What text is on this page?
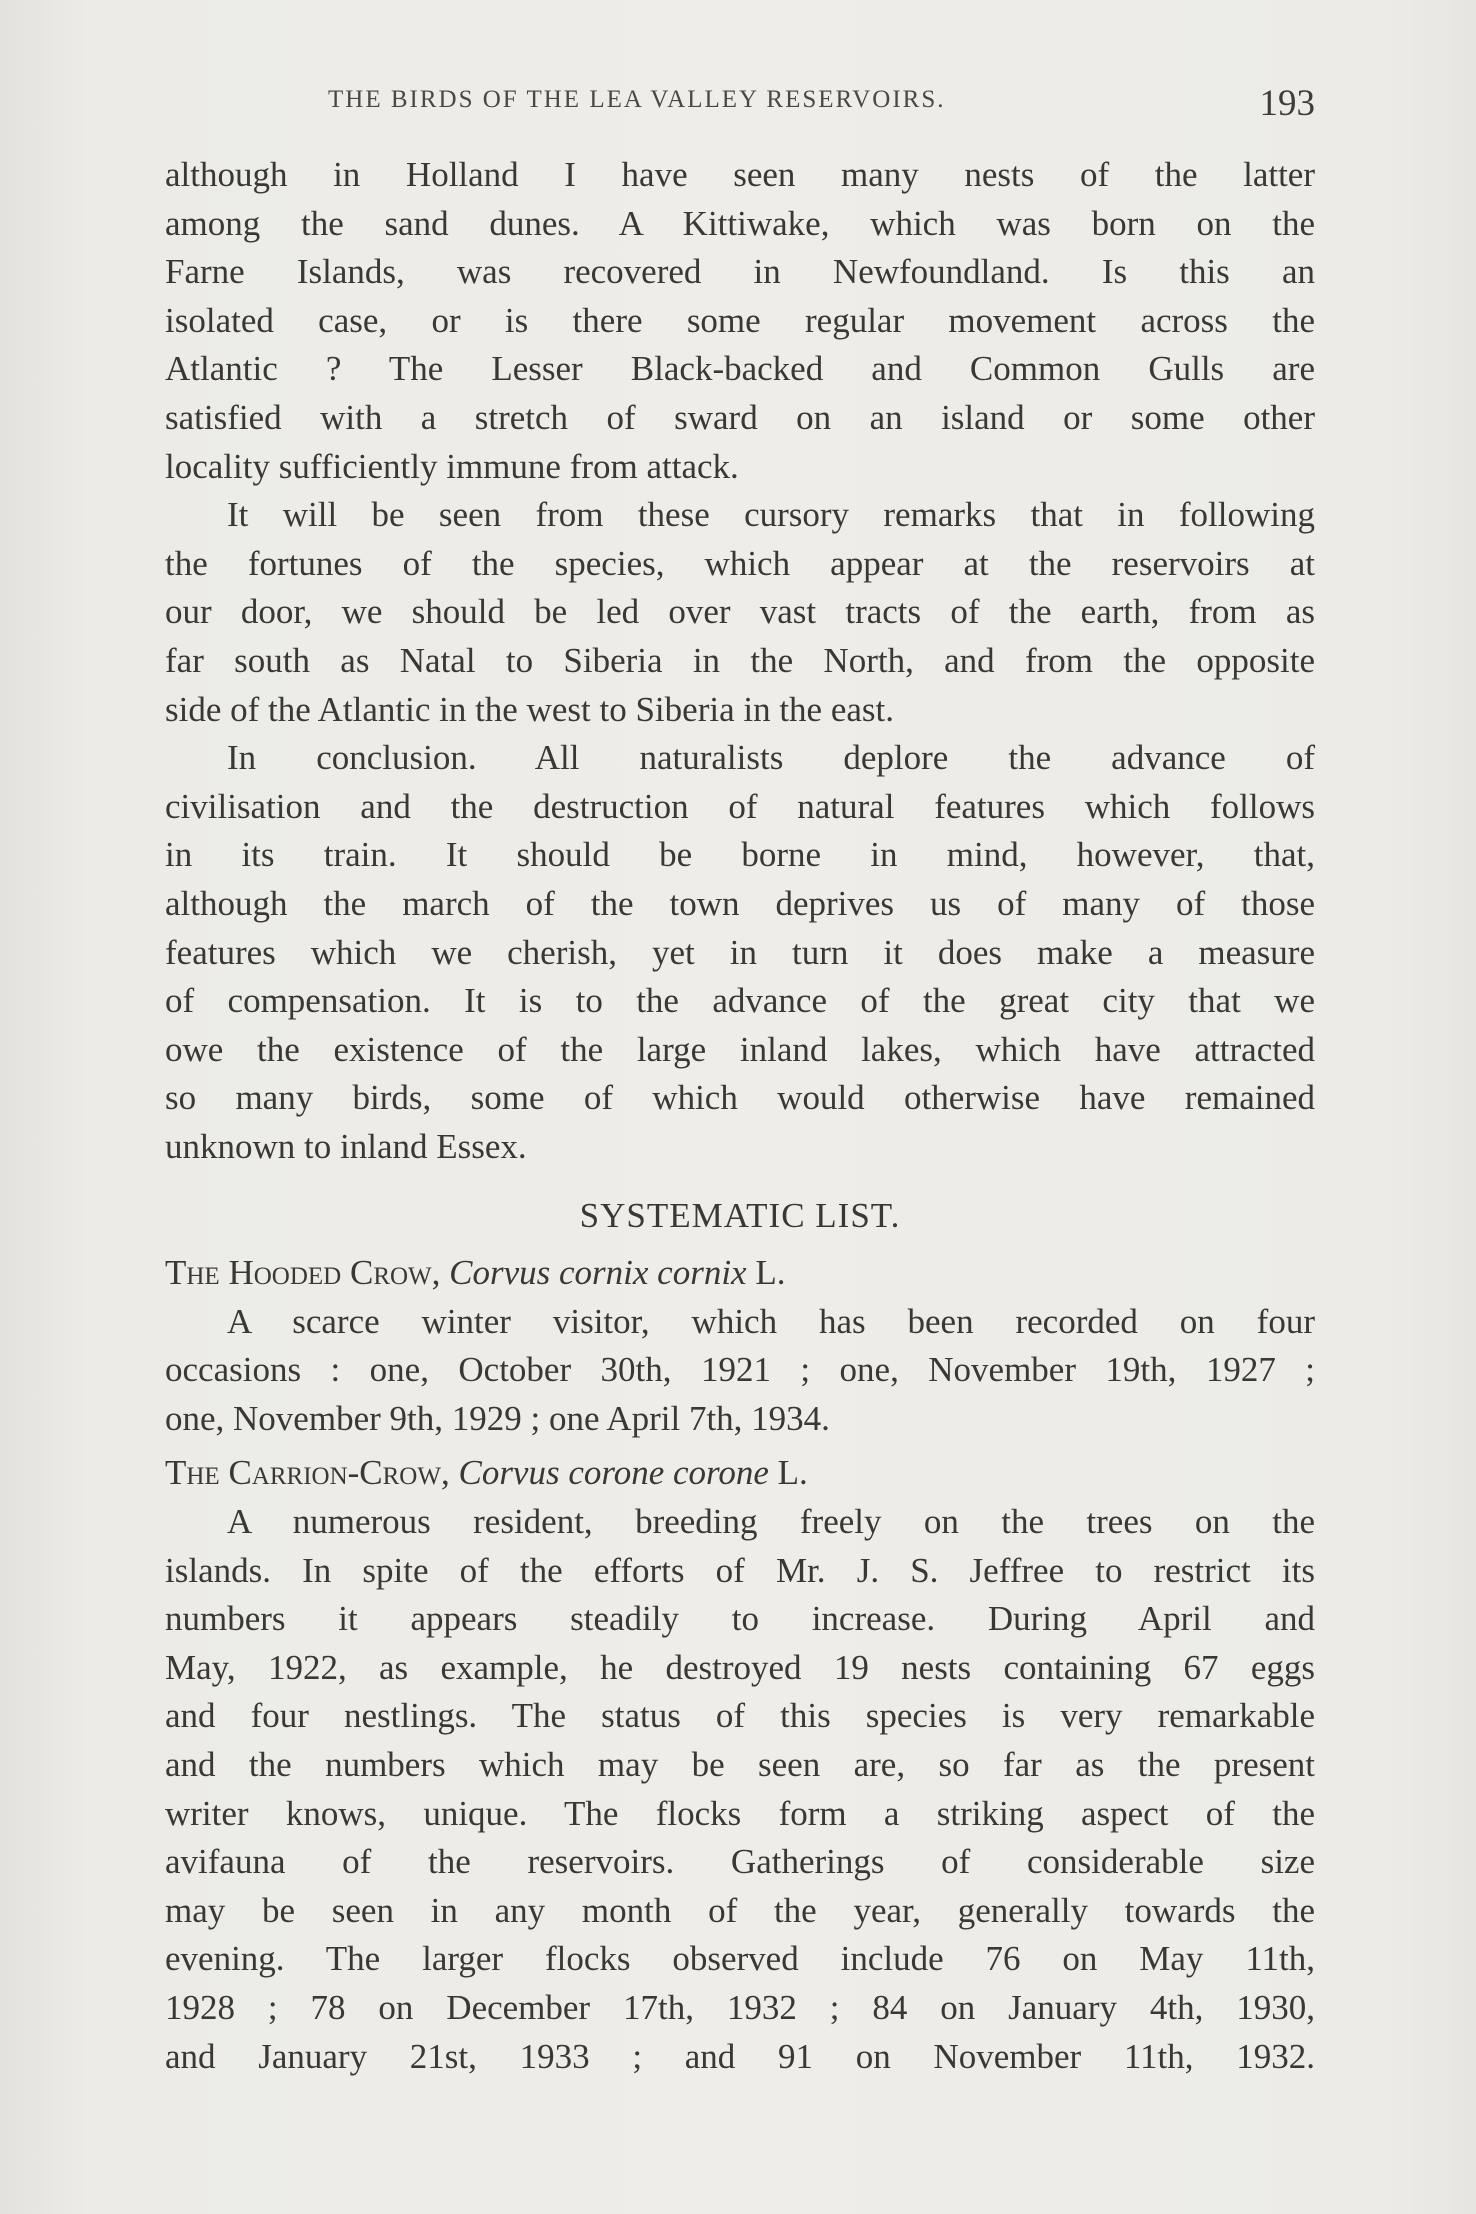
THE BIRDS OF THE LEA VALLEY RESERVOIRS.	193

although in Holland I have seen many nests of the latter
among the sand dunes. A Kittiwake, which was born on the
Farne Islands, was recovered in Newfoundland. Is this an
isolated case, or is there some regular movement across the
Atlantic ? The Lesser Black-backed and Common Gulls are
satisfied with a stretch of sward on an island or some other
locality sufficiently immune from attack.

It will be seen from these cursory remarks that in following
the fortunes of the species, which appear at the reservoirs at
our door, we should be led over vast tracts of the earth, from as
far south as Natal to Siberia in the North, and from the opposite
side of the Atlantic in the west to Siberia in the east.

In conclusion. All naturalists deplore the advance of
civilisation and the destruction of natural features which follows
in its train. It should be borne in mind, however, that,
although the march of the town deprives us of many of those
features which we cherish, yet in turn it does make a measure
of compensation. It is to the advance of the great city that we
owe the existence of the large inland lakes, which have attracted
so many birds, some of which would otherwise have remained
unknown to inland Essex.

SYSTEMATIC LIST.
The Hooded Crow, Corvus cornix cornix L.

A scarce winter visitor, which has been recorded on four
occasions : one, October 30th, 1921 ; one, November 19th, 1927 ;
one, November 9th, 1929 ; one April 7th, 1934.

The Carrion-Crow, Corvus corone corone L.

A numerous resident, breeding freely on the trees on the
islands. In spite of the efforts of Mr. J. S. Jeffree to restrict its
numbers it appears steadily to increase. During April and
May, 1922, as example, he destroyed 19 nests containing 67 eggs
and four nestlings. The status of this species is very remarkable
and the numbers which may be seen are, so far as the present
writer knows, unique. The flocks form a striking aspect of the
avifauna of the reservoirs. Gatherings of considerable size
may be seen in any month of the year, generally towards the
evening. The larger flocks observed include 76 on May 11th,
1928 ; 78 on December 17th, 1932 ; 84 on January 4th, 1930,
and January 21st, 1933 ; and 91 on November 11th, 1932.
